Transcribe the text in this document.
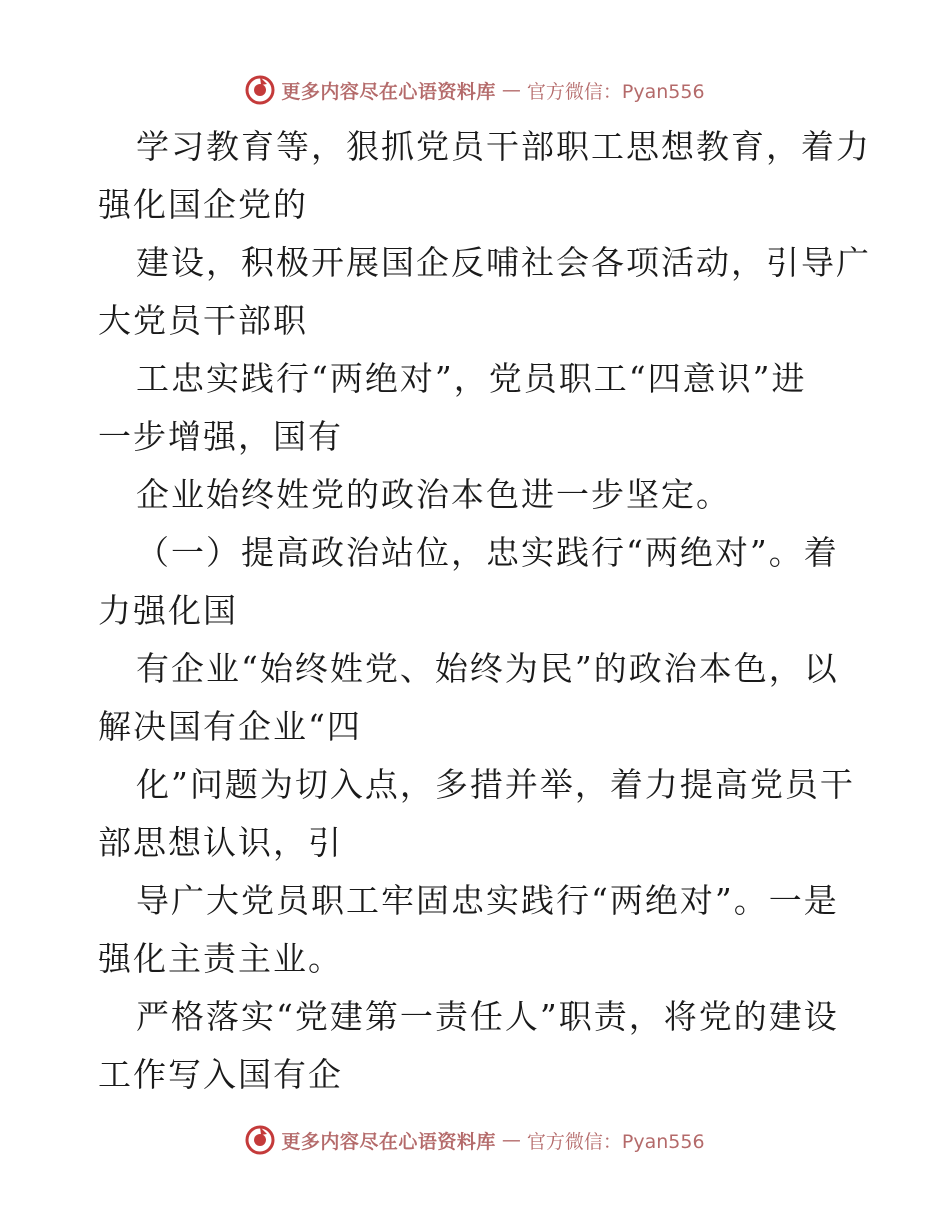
更多内容尽在心语资料库 — 官方微信：Pyan556
学习教育等，狠抓党员干部职工思想教育，着力
强化国企党的
建设，积极开展国企反哺社会各项活动，引导广
大党员干部职
工忠实践行“两绝对”，党员职工“四意识”进
一步增强，国有
企业始终姓党的政治本色进一步坚定。
（一）提高政治站位，忠实践行“两绝对”。着
力强化国
有企业“始终姓党、始终为民”的政治本色，以
解决国有企业“四
化”问题为切入点，多措并举，着力提高党员干
部思想认识，引
导广大党员职工牢固忠实践行“两绝对”。一是
强化主责主业。
严格落实“党建第一责任人”职责，将党的建设
工作写入国有企
更多内容尽在心语资料库 — 官方微信：Pyan556
